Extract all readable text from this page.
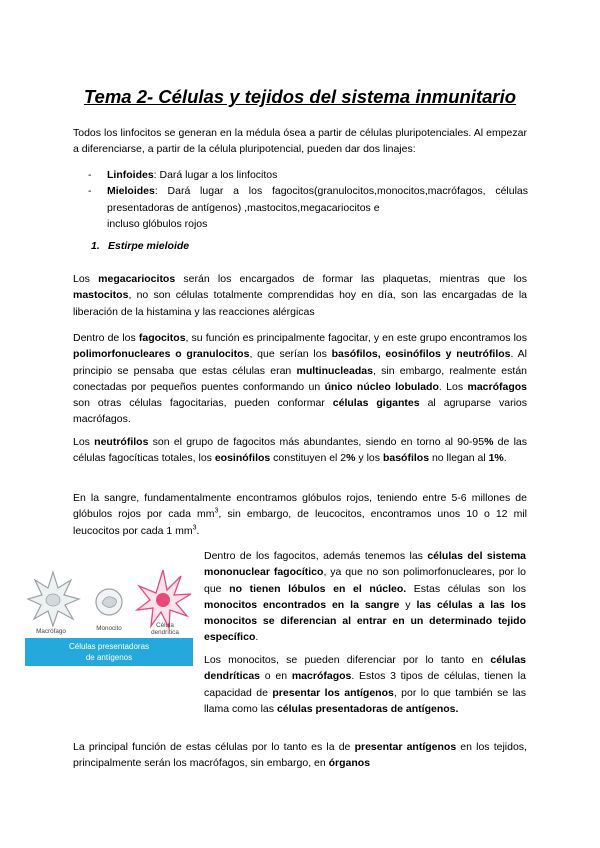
Tema 2- Células y tejidos del sistema inmunitario

Todos los linfocitos se generan en la médula ósea a partir de células pluripotenciales. Al empezar a diferenciarse, a partir de la célula pluripotencial, pueden dar dos linajes:

- Linfoides: Dará lugar a los linfocitos
- Mieloides: Dará lugar a los fagocitos(granulocitos,monocitos,macrófagos, células presentadoras de antígenos) ,mastocitos,megacariocitos e
incluso glóbulos rojos
1. Estirpe mieloide

Los megacariocitos serán los encargados de formar las plaquetas, mientras que los mastocitos, no son células totalmente comprendidas hoy en día, son las encargadas de la liberación de la histamina y las reacciones alérgicas

Dentro de los fagocitos, su función es principalmente fagocitar, y en este grupo encontramos los polimorfonucleares o granulocitos, que serían los basófilos, eosinófilos y neutrófilos. Al principio se pensaba que estas células eran multinucleadas, sin embargo, realmente están conectadas por pequeños puentes conformando un único núcleo lobulado. Los macrófagos son otras células fagocitarias, pueden conformar células gigantes al agruparse varios macrófagos.

Los neutrófilos son el grupo de fagocitos más abundantes, siendo en torno al 90-95% de las células fagocíticas totales, los eosinófilos constituyen el 2% y los basófilos no llegan al 1%.

En la sangre, fundamentalmente encontramos glóbulos rojos, teniendo entre 5-6 millones de glóbulos rojos por cada $mm^3$, sin embargo, de leucocitos, encontramos unos 10 o 12 mil leucocitos por cada 1 $mm^3$.

Macrófago	Monocito	Célula
dendrítica
Células presentadoras
de antígenos

Dentro de los fagocitos, además tenemos las células del sistema mononuclear fagocítico, ya que no son polimorfonucleares, por lo que no tienen lóbulos en el núcleo. Estas células son los monocitos encontrados en la sangre y las células a las los monocitos se diferencian al entrar en un determinado tejido específico.

Los monocitos, se pueden diferenciar por lo tanto en células dendríticas o en macrófagos. Estos 3 tipos de células, tienen la capacidad de presentar los antígenos, por lo que también se las llama como las células presentadoras de antígenos.

La principal función de estas células por lo tanto es la de presentar antígenos en los tejidos, principalmente serán los macrófagos, sin embargo, en órganos
